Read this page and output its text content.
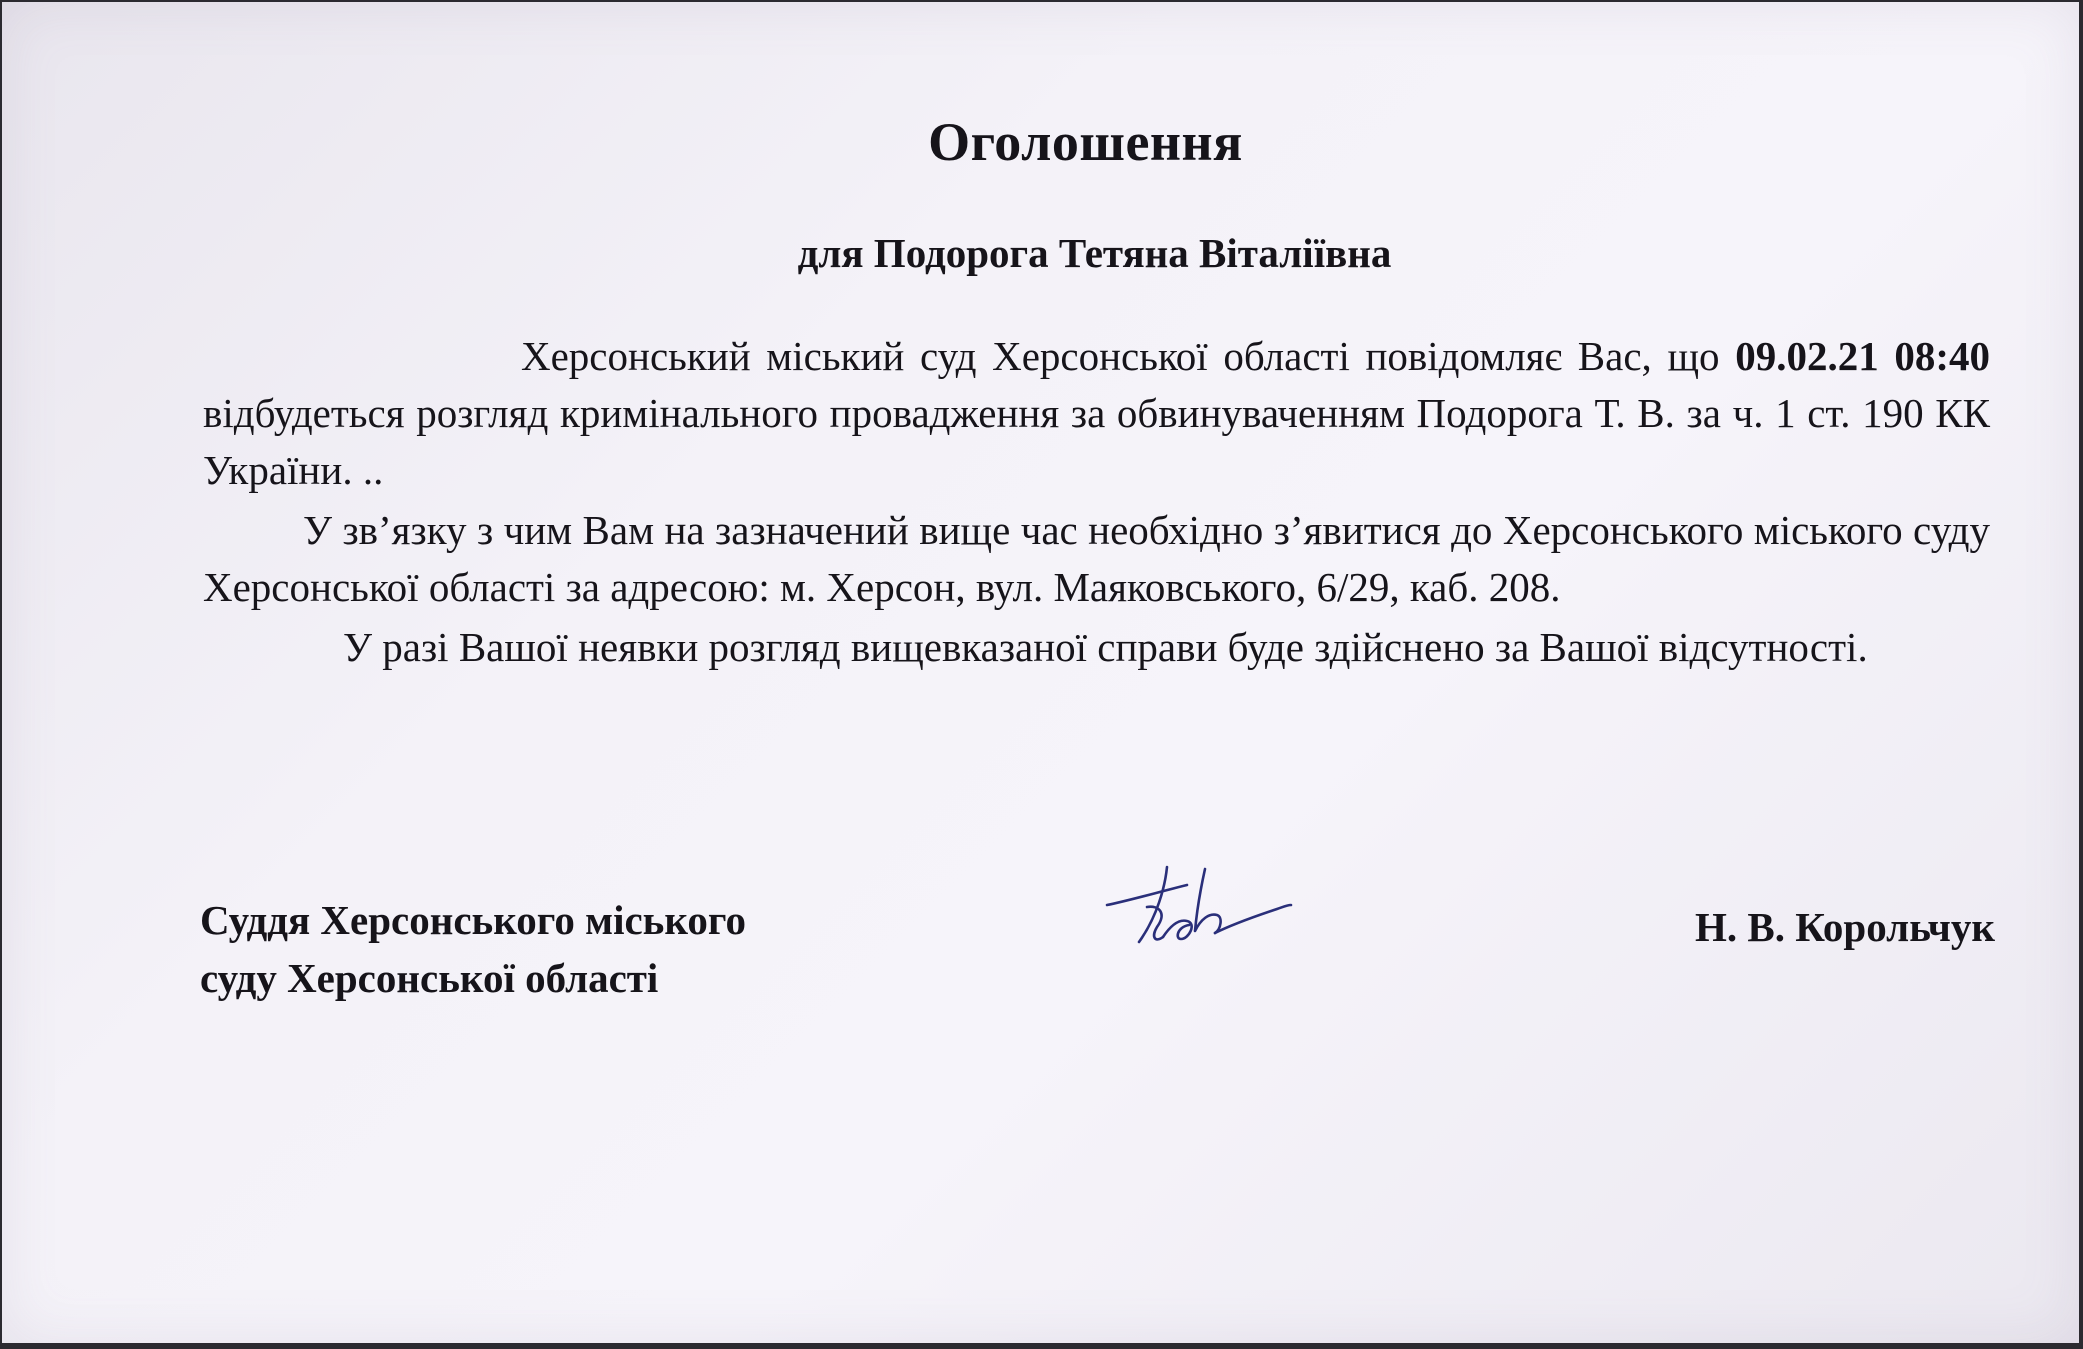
Оголошення
для Подорога Тетяна Віталіївна

Херсонський міський суд Херсонської області повідомляє Вас, що 09.02.21 08:40 відбудеться розгляд кримінального провадження за обвинуваченням Подорога Т. В. за ч. 1 ст. 190 КК України. ..

У зв’язку з чим Вам на зазначений вище час необхідно з’явитися до Херсонського міського суду Херсонської області за адресою: м. Херсон, вул. Маяковського, 6/29, каб. 208.

У разі Вашої неявки розгляд вищевказаної справи буде здійснено за Вашої відсутності.

Суддя Херсонського міського
суду Херсонської області
Н. В. Корольчук
